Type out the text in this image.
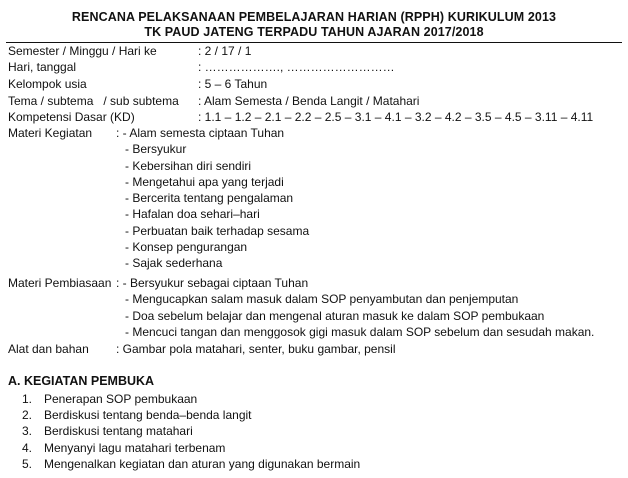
RENCANA PELAKSANAAN PEMBELAJARAN HARIAN (RPPH) KURIKULUM 2013
TK PAUD JATENG TERPADU TAHUN AJARAN 2017/2018
Semester / Minggu / Hari ke	: 2 / 17 / 1
Hari, tanggal	: ………………., ………………………
Kelompok usia	: 5 – 6 Tahun
Tema / subtema   / sub subtema : Alam Semesta / Benda Langit / Matahari
Kompetensi Dasar (KD)	: 1.1 – 1.2 – 2.1 – 2.2 – 2.5 – 3.1 – 4.1 – 3.2 – 4.2 – 3.5 – 4.5 – 3.11 – 4.11
Materi Kegiatan : - Alam semesta ciptaan Tuhan
- Bersyukur
- Kebersihan diri sendiri
- Mengetahui apa yang terjadi
- Bercerita tentang pengalaman
- Hafalan doa sehari–hari
- Perbuatan baik terhadap sesama
- Konsep pengurangan
- Sajak sederhana
Materi Pembiasaan : - Bersyukur sebagai ciptaan Tuhan
- Mengucapkan salam masuk dalam SOP penyambutan dan penjemputan
- Doa sebelum belajar dan mengenal aturan masuk ke dalam SOP pembukaan
- Mencuci tangan dan menggosok gigi masuk dalam SOP sebelum dan sesudah makan.
Alat dan bahan : Gambar pola matahari, senter, buku gambar, pensil
A. KEGIATAN PEMBUKA
1. Penerapan SOP pembukaan
2. Berdiskusi tentang benda–benda langit
3. Berdiskusi tentang matahari
4. Menyanyi lagu matahari terbenam
5. Mengenalkan kegiatan dan aturan yang digunakan bermain
